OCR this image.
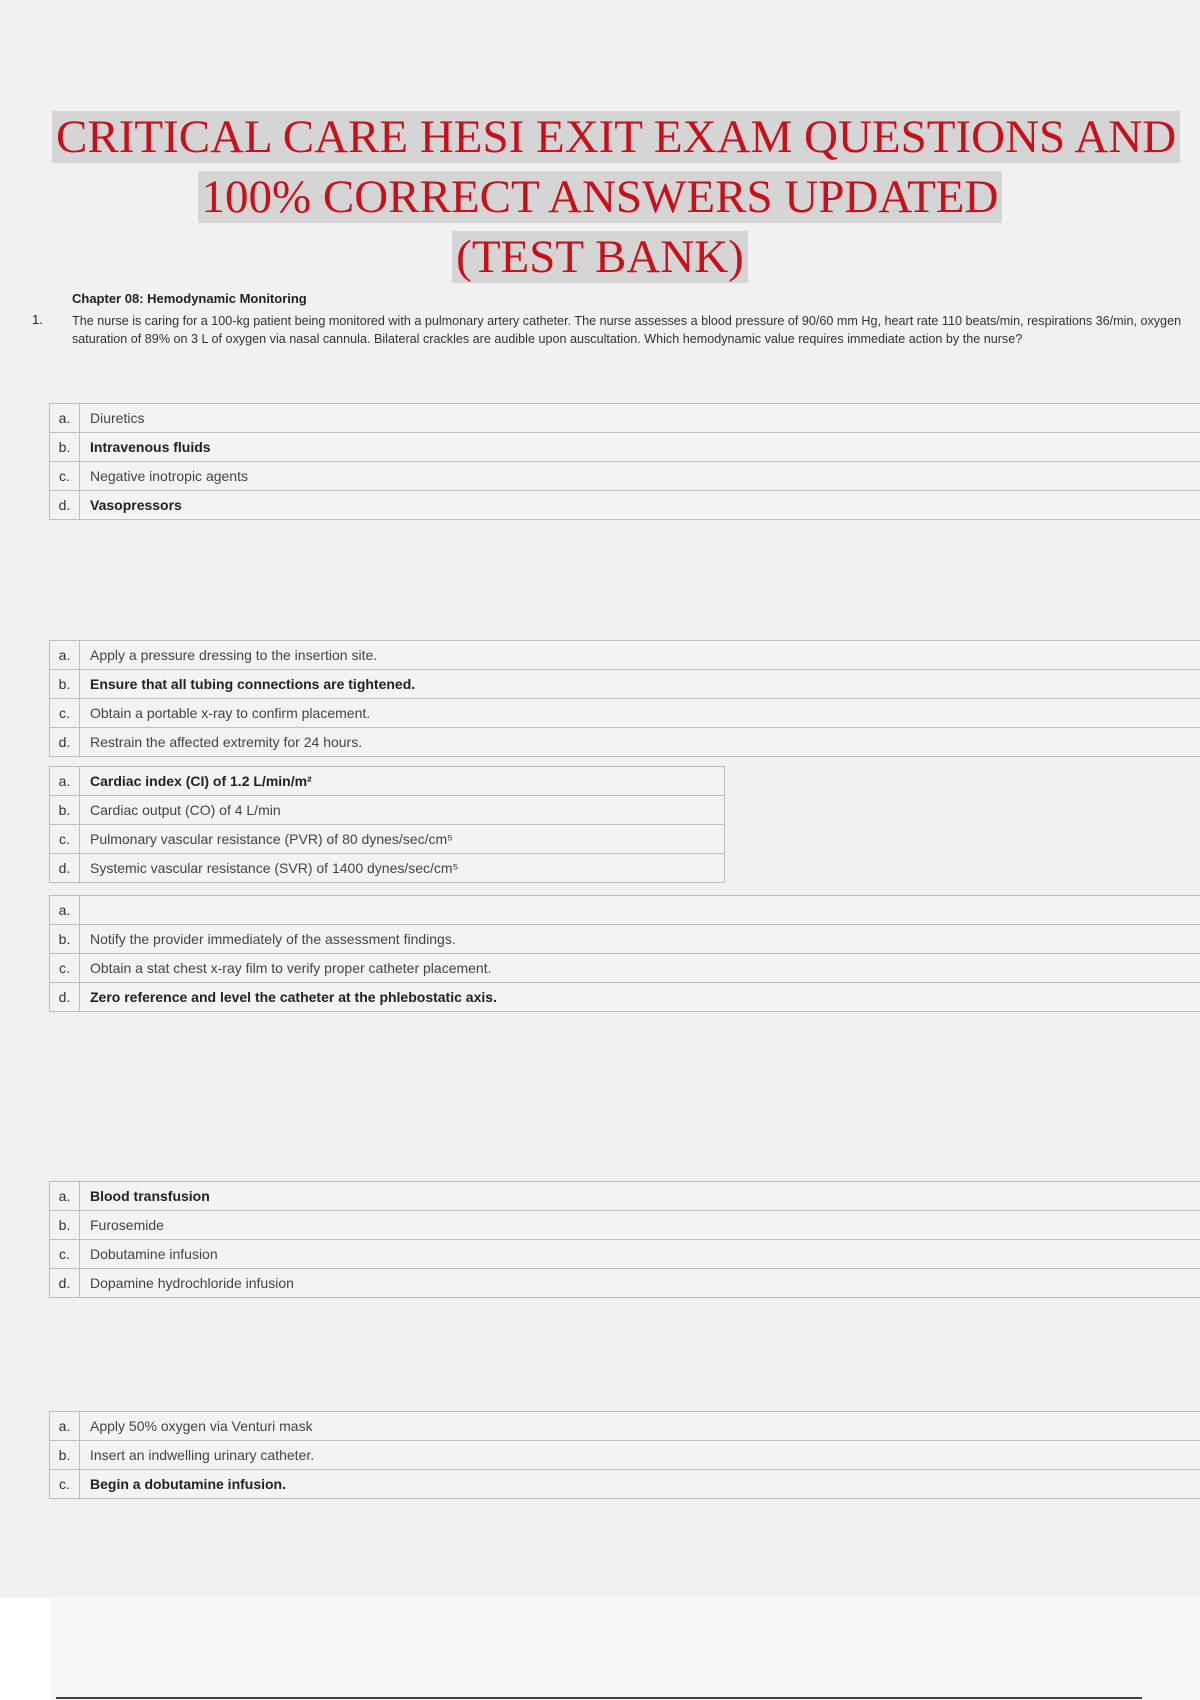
CRITICAL CARE HESI EXIT EXAM QUESTIONS AND
100% CORRECT ANSWERS UPDATED
(TEST BANK)
Chapter 08: Hemodynamic Monitoring
1. The nurse is caring for a 100-kg patient being monitored with a pulmonary artery catheter. The nurse assesses a blood pressure of 90/60 mm Hg, heart rate 110 beats/min, respirations 36/min, oxygen saturation of 89% on 3 L of oxygen via nasal cannula. Bilateral crackles are audible upon auscultation. Which hemodynamic value requires immediate action by the nurse?
a.	Diuretics
b.	Intravenous fluids
c.	Negative inotropic agents
d.	Vasopressors
a.	Apply a pressure dressing to the insertion site.
b.	Ensure that all tubing connections are tightened.
c.	Obtain a portable x-ray to confirm placement.
d.	Restrain the affected extremity for 24 hours.
a.	Cardiac index (CI) of 1.2 L/min/m²
b.	Cardiac output (CO) of 4 L/min
c.	Pulmonary vascular resistance (PVR) of 80 dynes/sec/cm⁵
d.	Systemic vascular resistance (SVR) of 1400 dynes/sec/cm⁵
a.	
b.	Notify the provider immediately of the assessment findings.
c.	Obtain a stat chest x-ray film to verify proper catheter placement.
d.	Zero reference and level the catheter at the phlebostatic axis.
a.	Blood transfusion
b.	Furosemide
c.	Dobutamine infusion
d.	Dopamine hydrochloride infusion
a.	Apply 50% oxygen via Venturi mask
b.	Insert an indwelling urinary catheter.
c.	Begin a dobutamine infusion.
